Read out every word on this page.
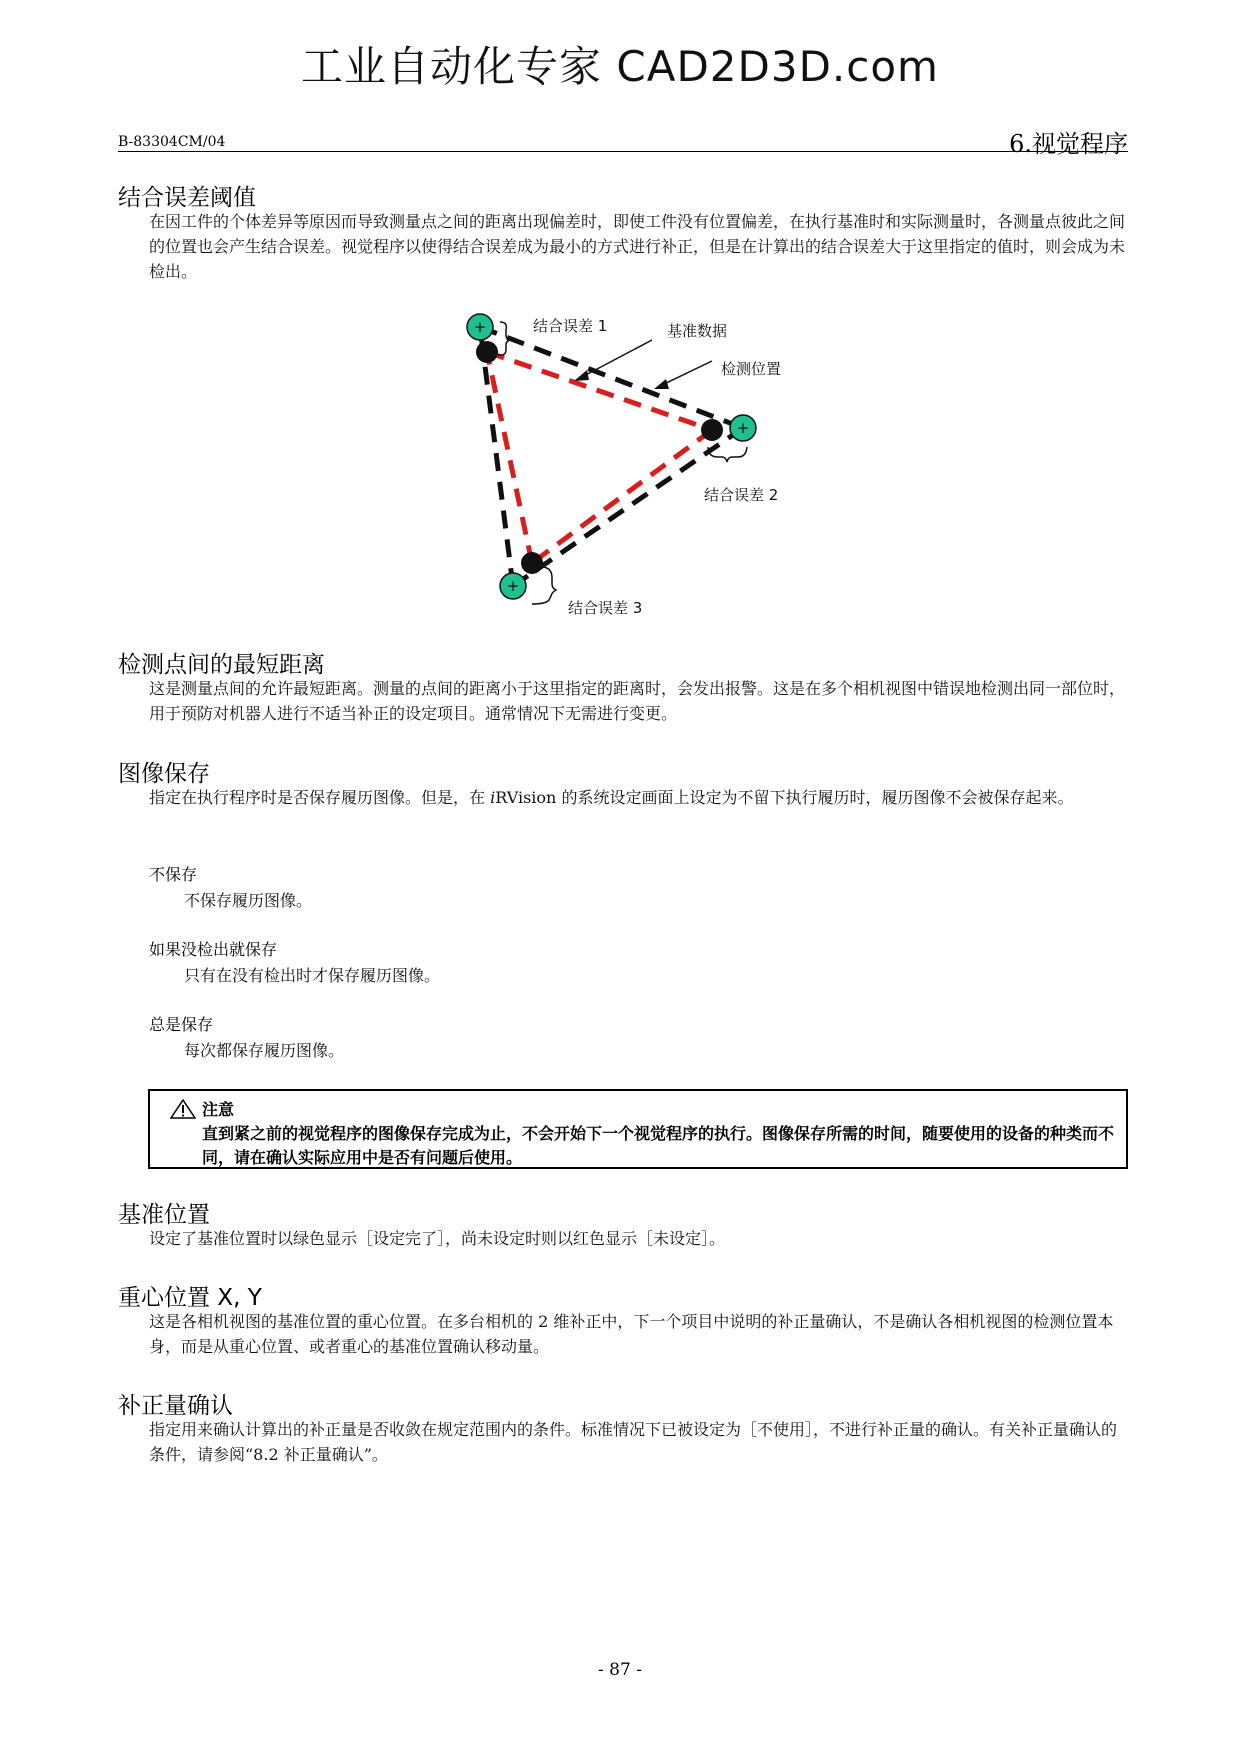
工业自动化专家 CAD2D3D.com
B-83304CM/04	6.视觉程序
结合误差阈值
在因工件的个体差异等原因而导致测量点之间的距离出现偏差时，即使工件没有位置偏差，在执行基准时和实际测量时，各测量点彼此之间的位置也会产生结合误差。视觉程序以使得结合误差成为最小的方式进行补正，但是在计算出的结合误差大于这里指定的值时，则会成为未检出。
+
+
+
结合误差 1	基准数据
检测位置
结合误差 2
结合误差 3
检测点间的最短距离
这是测量点间的允许最短距离。测量的点间的距离小于这里指定的距离时，会发出报警。这是在多个相机视图中错误地检测出同一部位时，用于预防对机器人进行不适当补正的设定项目。通常情况下无需进行变更。
图像保存
指定在执行程序时是否保存履历图像。但是，在 iRVision 的系统设定画面上设定为不留下执行履历时，履历图像不会被保存起来。
不保存
不保存履历图像。
如果没检出就保存
只有在没有检出时才保存履历图像。
总是保存
每次都保存履历图像。
注意
直到紧之前的视觉程序的图像保存完成为止，不会开始下一个视觉程序的执行。图像保存所需的时间，随要使用的设备的种类而不同，请在确认实际应用中是否有问题后使用。
基准位置
设定了基准位置时以绿色显示［设定完了］，尚未设定时则以红色显示［未设定］。
重心位置 X, Y
这是各相机视图的基准位置的重心位置。在多台相机的 2 维补正中，下一个项目中说明的补正量确认，不是确认各相机视图的检测位置本身，而是从重心位置、或者重心的基准位置确认移动量。
补正量确认
指定用来确认计算出的补正量是否收敛在规定范围内的条件。标准情况下已被设定为［不使用］，不进行补正量的确认。有关补正量确认的条件，请参阅“8.2 补正量确认”。
- 87 -
